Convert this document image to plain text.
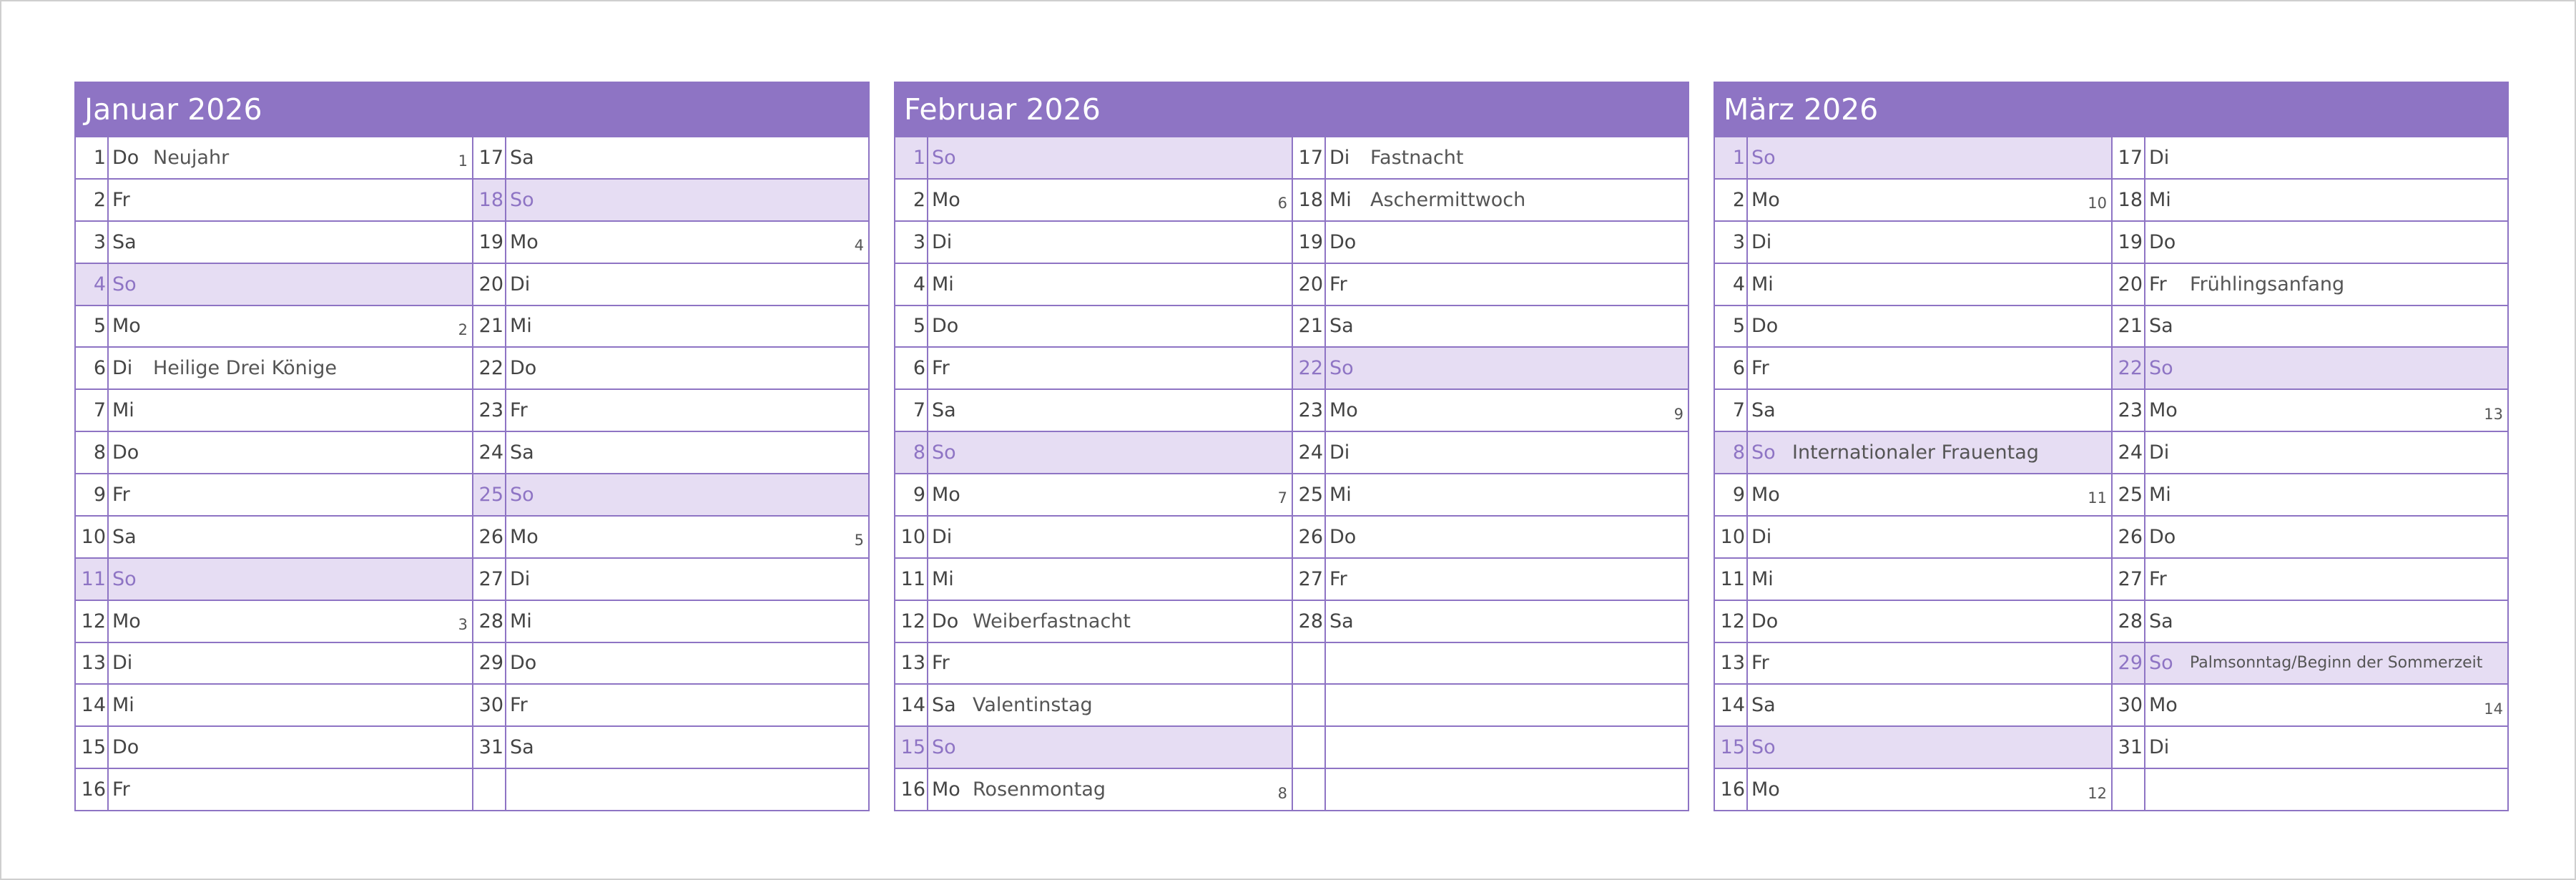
Januar 2026
1 Do Neujahr	1
2 Fr
3 Sa
4 So
5 Mo	2
6 Di	Heilige Drei Könige
7 Mi
8 Do
9 Fr
10 Sa
11 So
12 Mo	3
13 Di
14 Mi
15 Do
16 Fr
17 Sa
18 So
19 Mo	4
20 Di
21 Mi
22 Do
23 Fr
24 Sa
25 So
26 Mo	5
27 Di
28 Mi
29 Do
30 Fr
31 Sa
Februar 2026
1 So
2 Mo	6
3 Di
4 Mi
5 Do
6 Fr
7 Sa
8 So
9 Mo	7
10 Di
11 Mi
12 Do Weiberfastnacht
13 Fr
14 Sa Valentinstag
15 So
16 Mo Rosenmontag	8
17 Di	Fastnacht
18 Mi Aschermittwoch
19 Do
20 Fr
21 Sa
22 So
23 Mo	9
24 Di
25 Mi
26 Do
27 Fr
28 Sa
März 2026
1 So
2 Mo	10
3 Di
4 Mi
5 Do
6 Fr
7 Sa
8 So Internationaler Frauentag
9 Mo	11
10 Di
11 Mi
12 Do
13 Fr
14 Sa
15 So
16 Mo	12
17 Di
18 Mi
19 Do
20 Fr	Frühlingsanfang
21 Sa
22 So
23 Mo	13
24 Di
25 Mi
26 Do
27 Fr
28 Sa
29 So	Palmsonntag/Beginn der Sommerzeit
30 Mo	14
31 Di
